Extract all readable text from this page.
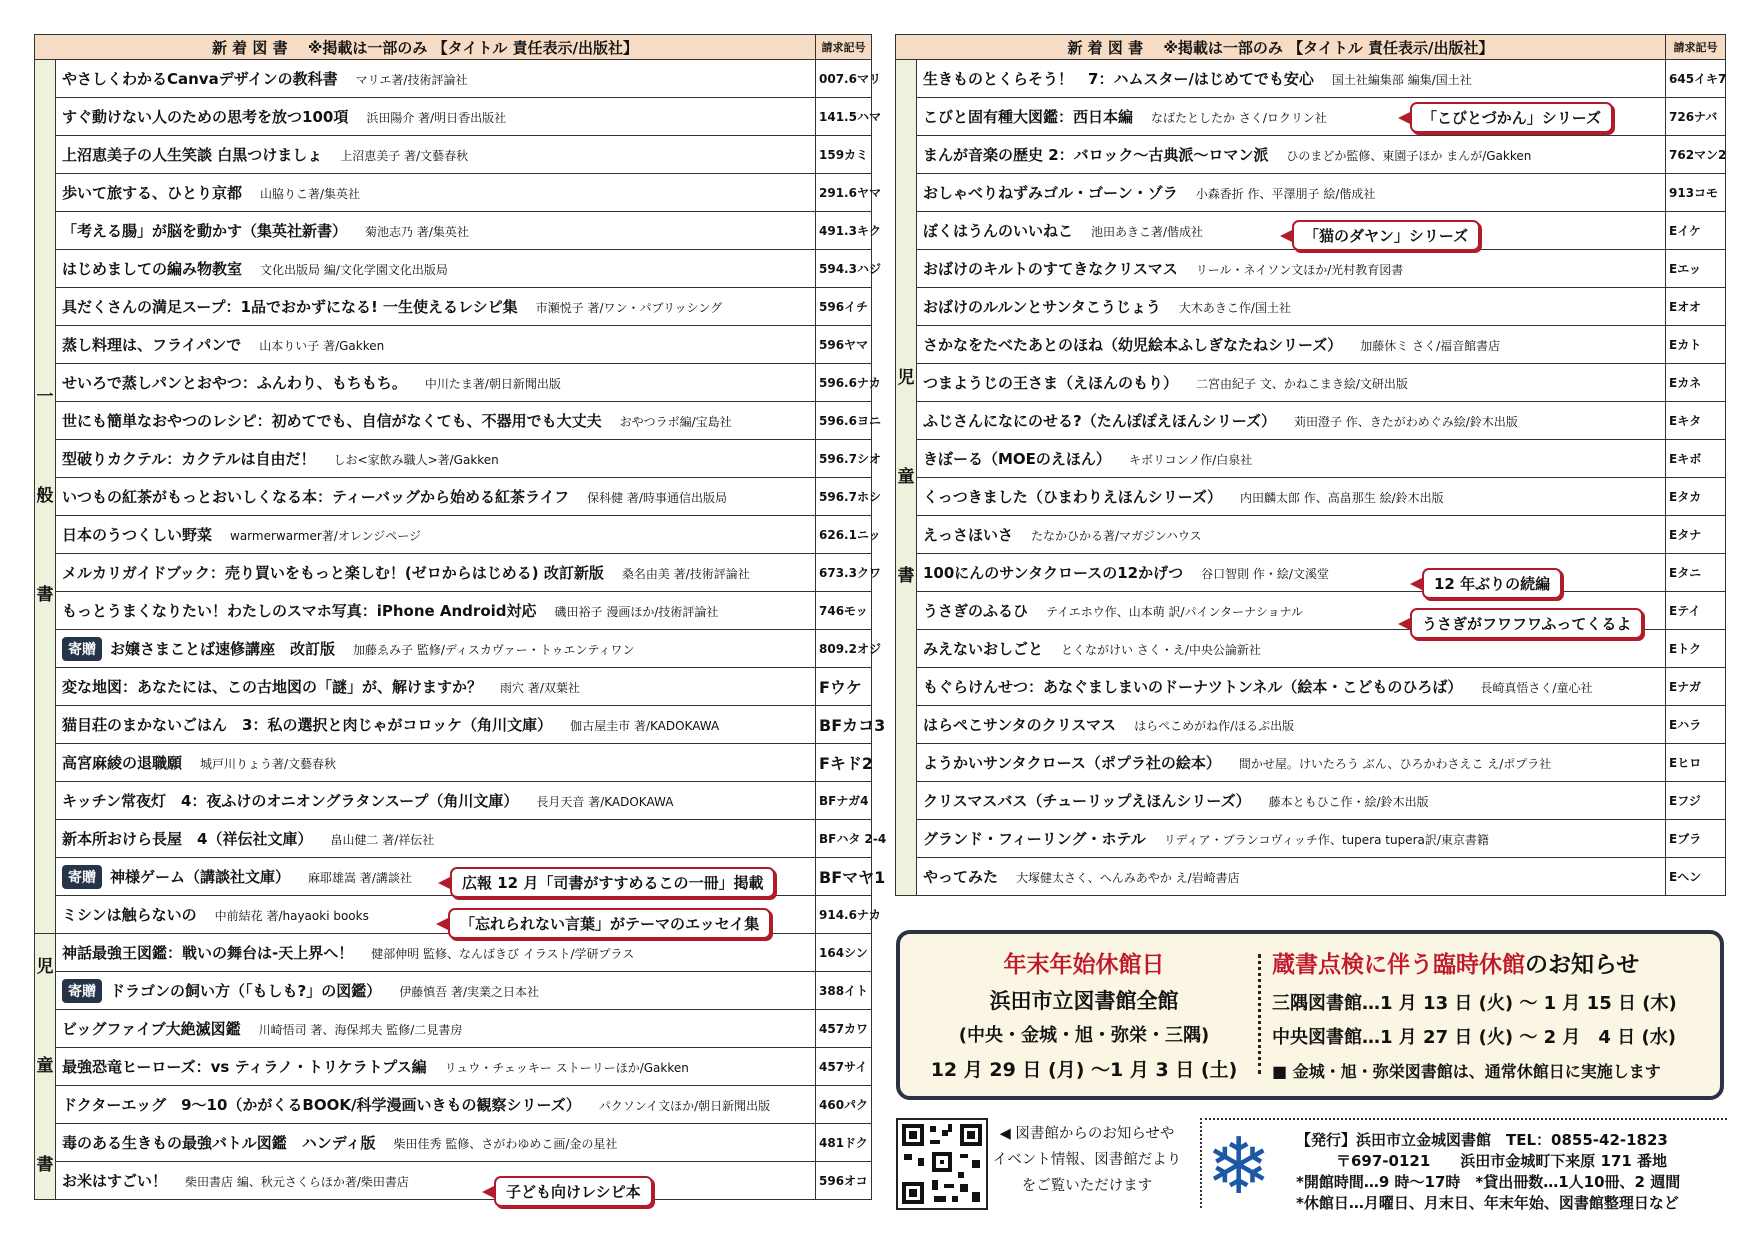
新 着 図 書　 ※掲載は一部のみ 【タイトル 責任表示/出版社】		請求記号

一
般
書	やさしくわかるCanvaデザインの教科書 マリエ著/技術評論社	007.6マリ
	すぐ動けない人のための思考を放つ100項 浜田陽介 著/明日香出版社	141.5ハマ
	上沼恵美子の人生笑談 白黒つけましょ 上沼恵美子 著/文藝春秋	159カミ
	歩いて旅する、ひとり京都 山脇りこ著/集英社	291.6ヤマ
	「考える腸」が脳を動かす（集英社新書） 菊池志乃 著/集英社	491.3キク
	はじめましての編み物教室 文化出版局 編/文化学園文化出版局	594.3ハジ
	具だくさんの満足スープ：1品でおかずになる! 一生使えるレシピ集 市瀬悦子 著/ワン・パブリッシング	596イチ
	蒸し料理は、フライパンで 山本りい子 著/Gakken	596ヤマ
	せいろで蒸しパンとおやつ：ふんわり、もちもち。 中川たま著/朝日新聞出版	596.6ナカ
	世にも簡単なおやつのレシピ：初めてでも、自信がなくても、不器用でも大丈夫 おやつラボ編/宝島社	596.6ヨニ
	型破りカクテル：カクテルは自由だ！ しお<家飲み職人>著/Gakken	596.7シオ
	いつもの紅茶がもっとおいしくなる本：ティーバッグから始める紅茶ライフ 保科健 著/時事通信出版局	596.7ホシ
	日本のうつくしい野菜 warmerwarmer著/オレンジページ	626.1ニッ
	メルカリガイドブック：売り買いをもっと楽しむ！(ゼロからはじめる) 改訂新版 桑名由美 著/技術評論社	673.3クワ
	もっとうまくなりたい！わたしのスマホ写真：iPhone Android対応 磯田裕子 漫画ほか/技術評論社	746モッ
	寄贈 お嬢さまことば速修講座　改訂版 加藤ゑみ子 監修/ディスカヴァー・トゥエンティワン	809.2オジ
	変な地図：あなたには、この古地図の「謎」が、解けますか？ 雨穴 著/双葉社	Fウケ
	猫目荘のまかないごはん　3：私の選択と肉じゃがコロッケ（角川文庫） 伽古屋圭市 著/KADOKAWA	BFカコ3
	高宮麻綾の退職願 城戸川りょう著/文藝春秋	Fキド2
	キッチン常夜灯　4：夜ふけのオニオングラタンスープ（角川文庫） 長月天音 著/KADOKAWA	BFナガ4
	新本所おけら長屋　4（祥伝社文庫） 畠山健二 著/祥伝社	BFハタ 2-4
	寄贈 神様ゲーム（講談社文庫） 麻耶雄嵩 著/講談社	BFマヤ1
	ミシンは触らないの 中前結花 著/hayaoki books	914.6ナカ

児
童
書	神話最強王図鑑：戦いの舞台は-天上界へ！ 健部伸明 監修、なんばきび イラスト/学研プラス	164シン
	寄贈 ドラゴンの飼い方（「もしも?」の図鑑） 伊藤慎吾 著/実業之日本社	388イト
	ビッグファイブ大絶滅図鑑 川崎悟司 著、海保邦夫 監修/二見書房	457カワ
	最強恐竜ヒーローズ：vs ティラノ・トリケラトプス編 リュウ・チェッキー ストーリーほか/Gakken	457サイ
	ドクターエッグ　9～10（かがくるBOOK/科学漫画いきもの観察シリーズ） パクソンイ文ほか/朝日新聞出版	460パク
	毒のある生きもの最強バトル図鑑　ハンディ版 柴田佳秀 監修、さがわゆめこ画/金の星社	481ドク
	お米はすごい！ 柴田書店 編、秋元さくらほか著/柴田書店	596オコ
新 着 図 書　 ※掲載は一部のみ 【タイトル 責任表示/出版社】		請求記号

児
童
書	生きものとくらそう！　7：ハムスター/はじめてでも安心 国土社編集部 編集/国土社	645イキ7
	こびと固有種大図鑑：西日本編 なばたとしたか さく/ロクリン社	726ナバ
	まんが音楽の歴史 2：バロック～古典派～ロマン派 ひのまどか監修、東園子ほか まんが/Gakken	762マン2
	おしゃべりねずみゴル・ゴーン・ゾラ 小森香折 作、平澤朋子 絵/偕成社	913コモ
	ぼくはうんのいいねこ 池田あきこ著/偕成社	Eイケ
	おばけのキルトのすてきなクリスマス リール・ネイソン文ほか/光村教育図書	Eエッ
	おばけのルルンとサンタこうじょう 大木あきこ作/国土社	Eオオ
	さかなをたべたあとのほね（幼児絵本ふしぎなたねシリーズ） 加藤休ミ さく/福音館書店	Eカト
	つまようじの王さま（えほんのもり） 二宮由紀子 文、かねこまき絵/文研出版	Eカネ
	ふじさんになにのせる?（たんぽぽえほんシリーズ） 苅田澄子 作、きたがわめぐみ絵/鈴木出版	Eキタ
	きぼーる（MOEのえほん） キボリコンノ作/白泉社	Eキボ
	くっつきました（ひまわりえほんシリーズ） 内田麟太郎 作、高畠那生 絵/鈴木出版	Eタカ
	えっさほいさ たなかひかる著/マガジンハウス	Eタナ
	100にんのサンタクロースの12かげつ 谷口智則 作・絵/文溪堂	Eタニ
	うさぎのふるひ テイエホウ作、山本萌 訳/パインターナショナル	Eテイ
	みえないおしごと とくながけい さく・え/中央公論新社	Eトク
	もぐらけんせつ：あなぐましまいのドーナツトンネル（絵本・こどものひろば） 長崎真悟さく/童心社	Eナガ
	はらぺこサンタのクリスマス はらぺこめがね作/ほるぷ出版	Eハラ
	ようかいサンタクロース（ポプラ社の絵本） 間かせ屋。けいたろう ぶん、ひろかわさえこ え/ポプラ社	Eヒロ
	クリスマスバス（チューリップえほんシリーズ） 藤本ともひこ作・絵/鈴木出版	Eフジ
	グランド・フィーリング・ホテル リディア・ブランコヴィッチ作、tupera tupera訳/東京書籍	Eブラ
	やってみた 大塚健太さく、へんみあやか え/岩崎書店	Eヘン
「こびとづかん」シリーズ
「猫のダヤン」シリーズ
12 年ぶりの続編
うさぎがフワフワふってくるよ
広報 12 月「司書がすすめるこの一冊」掲載
「忘れられない言葉」がテーマのエッセイ集
子ども向けレシピ本
年末年始休館日
浜田市立図書館全館
(中央・金城・旭・弥栄・三隅)
12 月 29 日 (月) ～1 月 3 日 (土)
蔵書点検に伴う臨時休館のお知らせ
三隅図書館…1 月 13 日 (火) ～ 1 月 15 日 (木)
中央図書館…1 月 27 日 (火) ～ 2 月　4 日 (水)
■ 金城・旭・弥栄図書館は、通常休館日に実施します
◀ 図書館からのお知らせや
イベント情報、図書館だより
をご覧いただけます ❄ 【発行】浜田市立金城図書館　TEL：0855-42-1823
〒697-0121　　浜田市金城町下来原 171 番地
*開館時間…9 時～17時　*貸出冊数…1人10冊、2 週間
*休館日…月曜日、月末日、年末年始、図書館整理日など
